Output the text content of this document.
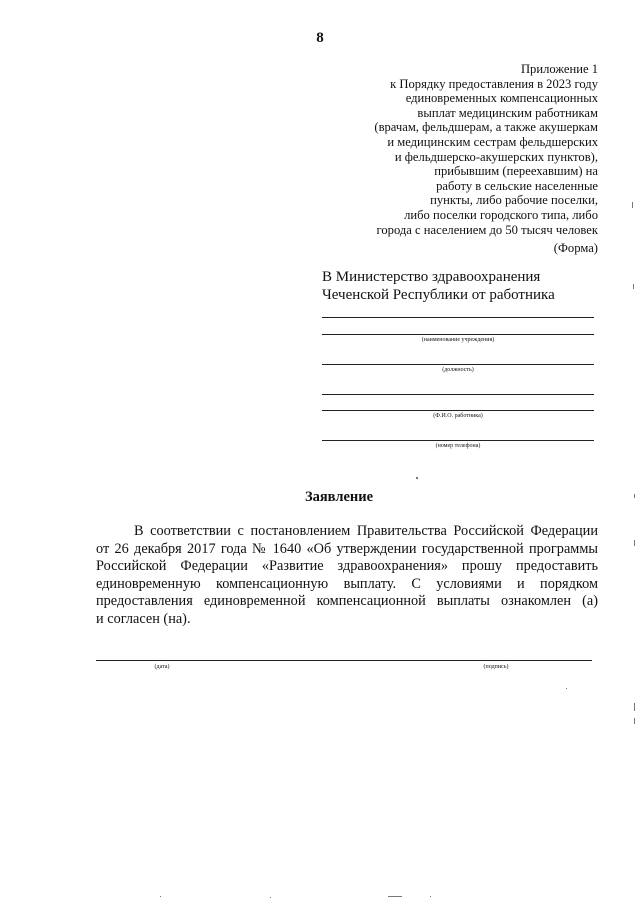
8
Приложение 1
к Порядку предоставления в 2023 году
единовременных компенсационных
выплат медицинским работникам
(врачам, фельдшерам, а также акушеркам
и медицинским сестрам фельдшерских
и фельдшерско-акушерских пунктов),
прибывшим (переехавшим) на
работу в сельские населенные
пункты, либо рабочие поселки,
либо поселки городского типа, либо
города с населением до 50 тысяч человек
(Форма)
В Министерство здравоохранения
Чеченской Республики от работника
(наименование учреждения)
(должность)
(Ф.И.О. работника)
(номер телефона)
Заявление
В соответствии с постановлением Правительства Российской Федерации
от 26 декабря 2017 года № 1640 «Об утверждении государственной программы
Российской Федерации «Развитие здравоохранения» прошу предоставить
единовременную компенсационную выплату. С условиями и порядком
предоставления единовременной компенсационной выплаты ознакомлен (а)
и согласен (на).
(дата)	(подпись)
